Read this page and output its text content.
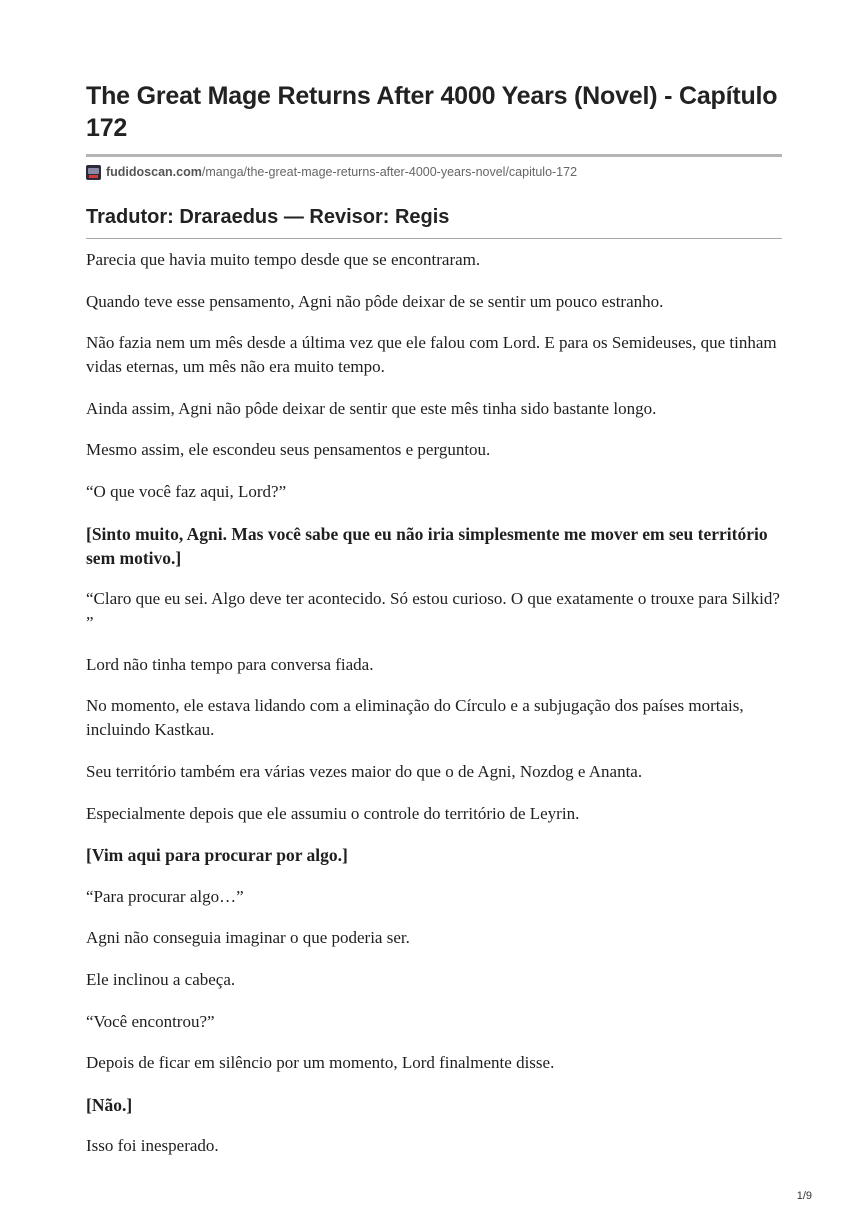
The Great Mage Returns After 4000 Years (Novel) - Capítulo 172
fudidoscan.com /manga/the-great-mage-returns-after-4000-years-novel/capitulo-172
Tradutor: Draraedus — Revisor: Regis

Parecia que havia muito tempo desde que se encontraram.

Quando teve esse pensamento, Agni não pôde deixar de se sentir um pouco estranho.

Não fazia nem um mês desde a última vez que ele falou com Lord. E para os Semideuses, que tinham vidas eternas, um mês não era muito tempo.

Ainda assim, Agni não pôde deixar de sentir que este mês tinha sido bastante longo.

Mesmo assim, ele escondeu seus pensamentos e perguntou.

“O que você faz aqui, Lord?”

[Sinto muito, Agni. Mas você sabe que eu não iria simplesmente me mover em seu território sem motivo.]

“Claro que eu sei. Algo deve ter acontecido. Só estou curioso. O que exatamente o trouxe para Silkid? ”

Lord não tinha tempo para conversa fiada.

No momento, ele estava lidando com a eliminação do Círculo e a subjugação dos países mortais, incluindo Kastkau.

Seu território também era várias vezes maior do que o de Agni, Nozdog e Ananta.

Especialmente depois que ele assumiu o controle do território de Leyrin.

[Vim aqui para procurar por algo.]

“Para procurar algo…”

Agni não conseguia imaginar o que poderia ser.

Ele inclinou a cabeça.

“Você encontrou?”

Depois de ficar em silêncio por um momento, Lord finalmente disse.

[Não.]

Isso foi inesperado.

1/9
